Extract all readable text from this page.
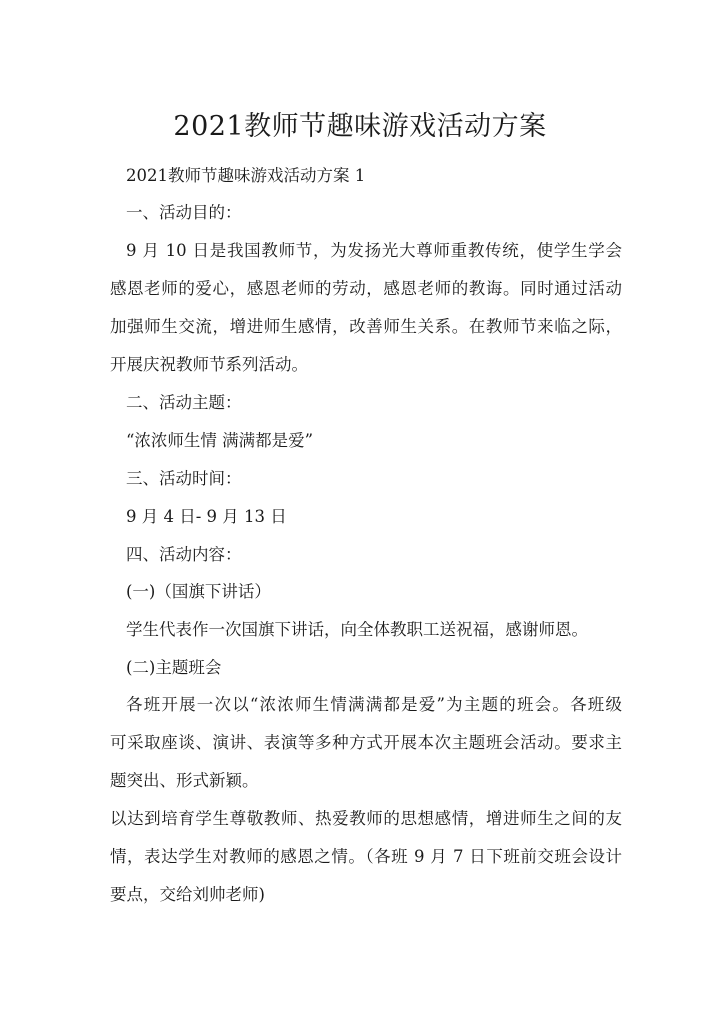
2021教师节趣味游戏活动方案

2021教师节趣味游戏活动方案 1

一、活动目的：

9 月 10 日是我国教师节，为发扬光大尊师重教传统，使学生学会

感恩老师的爱心，感恩老师的劳动，感恩老师的教诲。同时通过活动

加强师生交流，增进师生感情，改善师生关系。在教师节来临之际，

开展庆祝教师节系列活动。

二、活动主题：

“浓浓师生情 满满都是爱”

三、活动时间：

9 月 4 日- 9 月 13 日

四、活动内容：

(一)（国旗下讲话）

学生代表作一次国旗下讲话，向全体教职工送祝福，感谢师恩。

(二)主题班会

各班开展一次以“浓浓师生情满满都是爱”为主题的班会。各班级

可采取座谈、演讲、表演等多种方式开展本次主题班会活动。要求主

题突出、形式新颖。

以达到培育学生尊敬教师、热爱教师的思想感情，增进师生之间的友

情，表达学生对教师的感恩之情。（各班 9 月 7 日下班前交班会设计

要点，交给刘帅老师)
